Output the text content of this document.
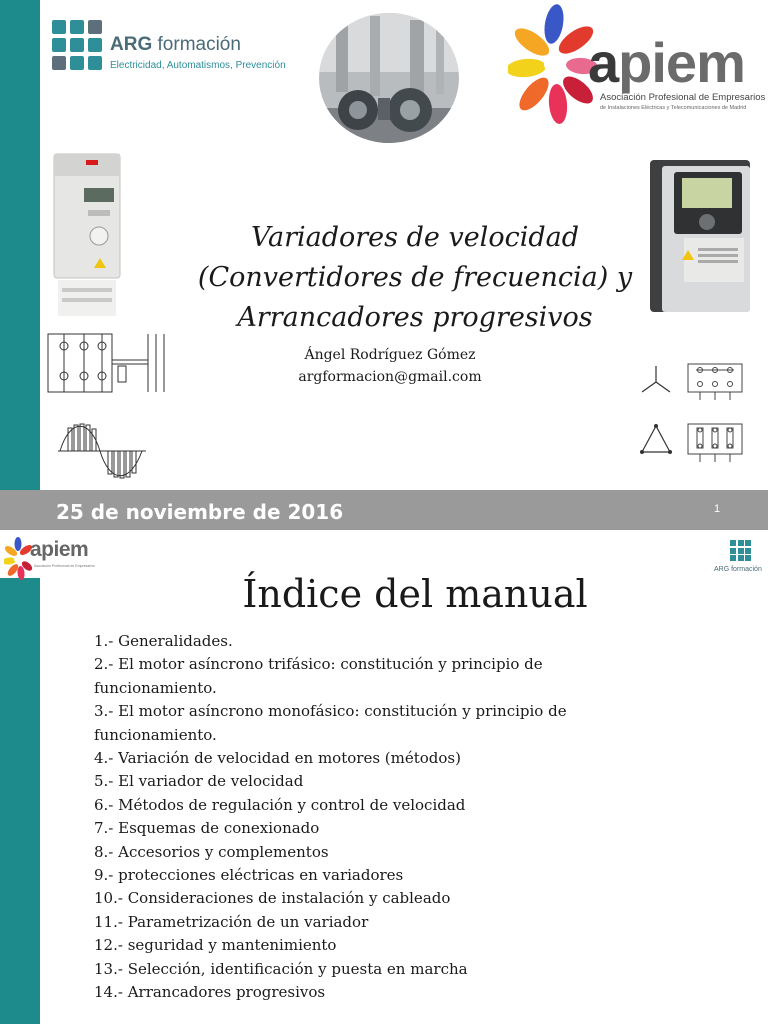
ARG formación
Electricidad, Automatismos, Prevención	apiem
Asociación Profesional de Empresarios
de Instalaciones Eléctricas y Telecomunicaciones de Madrid
Variadores de velocidad
(Convertidores de frecuencia) y
Arrancadores progresivos
Ángel Rodríguez Gómez
argformacion@gmail.com
25 de noviembre de 2016	1
apiem
Asociación Profesional de Empresarios	ARG formación
Índice del manual
1.- Generalidades.
2.- El motor asíncrono trifásico: constitución y principio de
funcionamiento.
3.- El motor asíncrono monofásico: constitución y principio de
funcionamiento.
4.- Variación de velocidad en motores (métodos)
5.- El variador de velocidad
6.- Métodos de regulación y control de velocidad
7.- Esquemas de conexionado
8.- Accesorios y complementos
9.- protecciones eléctricas en variadores
10.- Consideraciones de instalación y cableado
11.- Parametrización de un variador
12.- seguridad y mantenimiento
13.- Selección, identificación y puesta en marcha
14.- Arrancadores progresivos
